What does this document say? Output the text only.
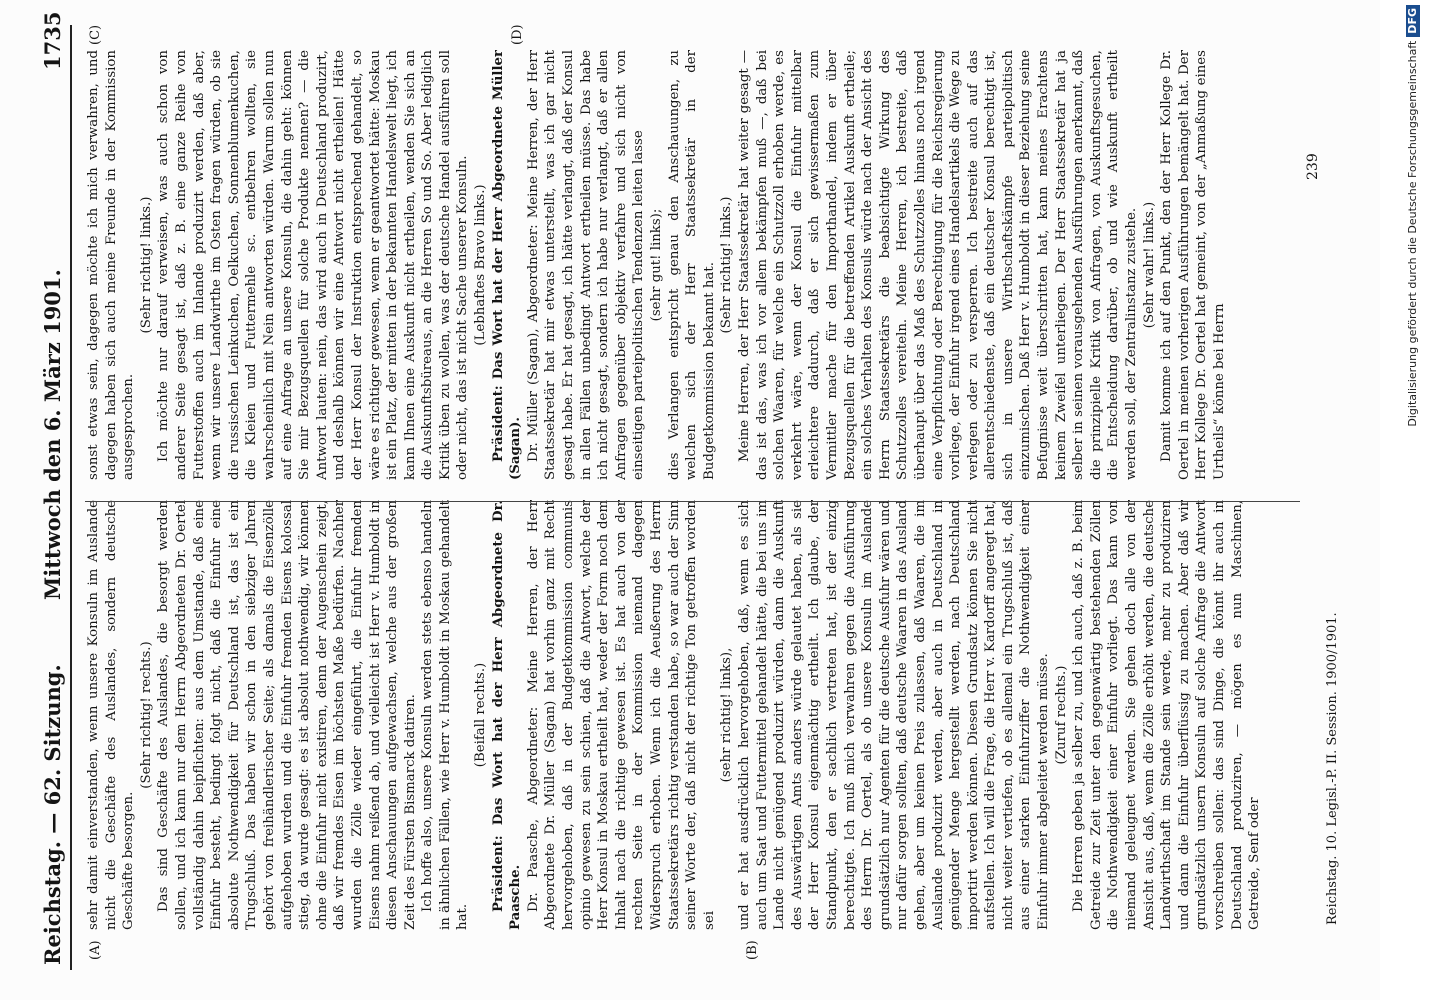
Reichstag. — 62. Sitzung.
Mittwoch den 6. März 1901.
1735
(A)	(B)
(C)	(D)

sehr damit einverstanden, wenn unsere Konsuln im Auslande nicht die Geschäfte des Auslandes, sondern deutsche Geschäfte besorgen.

(Sehr richtig! rechts.) Das sind Geschäfte des Auslandes, die besorgt werden sollen, und ich kann nur dem Herrn Abgeordneten Dr. Oertel vollständig dahin beipflichten: aus dem Umstande, daß eine Einfuhr besteht, bedingt folgt nicht, daß die Einfuhr eine absolute Nothwendigkeit für Deutschland ist, das ist ein Trugschluß. Das haben wir schon in den siebziger Jahren gehört von freihändlerischer Seite; als damals die Eisenzölle aufgehoben wurden und die Einfuhr fremden Eisens kolossal stieg, da wurde gesagt: es ist absolut nothwendig, wir können ohne die Einfuhr nicht existiren, denn der Augenschein zeigt, daß wir fremdes Eisen im höchsten Maße bedürfen. Nachher wurden die Zölle wieder eingeführt, die Einfuhr fremden Eisens nahm reißend ab, und vielleicht ist Herr v. Humboldt in diesen Anschauungen aufgewachsen, welche aus der großen Zeit des Fürsten Bismarck datiren. Ich hoffe also, unsere Konsuln werden stets ebenso handeln in ähnlichen Fällen, wie Herr v. Humboldt in Moskau gehandelt hat.

(Beifall rechts.) Präsident: Das Wort hat der Herr Abgeordnete Dr. Paasche. Dr. Paasche, Abgeordneter: Meine Herren, der Herr Abgeordnete Dr. Müller (Sagan) hat vorhin ganz mit Recht hervorgehoben, daß in der Budgetkommission communis opinio gewesen zu sein schien, daß die Antwort, welche der Herr Konsul in Moskau ertheilt hat, weder der Form noch dem Inhalt nach die richtige gewesen ist. Es hat auch von der rechten Seite in der Kommission niemand dagegen Widerspruch erhoben. Wenn ich die Aeußerung des Herrn Staatssekretärs richtig verstanden habe, so war auch der Sinn seiner Worte der, daß nicht der richtige Ton getroffen worden sei

(sehr richtig! links), und er hat ausdrücklich hervorgehoben, daß, wenn es sich auch um Saat und Futtermittel gehandelt hätte, die bei uns im Lande nicht genügend produzirt würden, dann die Auskunft des Auswärtigen Amts anders würde gelautet haben, als sie der Herr Konsul eigenmächtig ertheilt. Ich glaube, der Standpunkt, den er sachlich vertreten hat, ist der einzig berechtigte. Ich muß mich verwahren gegen die Ausführung des Herrn Dr. Oertel, als ob unsere Konsuln im Auslande grundsätzlich nur Agenten für die deutsche Ausfuhr wären und nur dafür sorgen sollten, daß deutsche Waaren in das Ausland gehen, aber um keinen Preis zulassen, daß Waaren, die im Auslande produzirt werden, aber auch in Deutschland in genügender Menge hergestellt werden, nach Deutschland importirt werden können. Diesen Grundsatz können Sie nicht aufstellen. Ich will die Frage, die Herr v. Kardorff angeregt hat, nicht weiter vertiefen, ob es allemal ein Trugschluß ist, daß aus einer starken Einfuhrziffer die Nothwendigkeit einer Einfuhr immer abgeleitet werden müsse. (Zuruf rechts.) Die Herren geben ja selber zu, und ich auch, daß z. B. beim Getreide zur Zeit unter den gegenwärtig bestehenden Zöllen die Nothwendigkeit einer Einfuhr vorliegt. Das kann von niemand geleugnet werden. Sie gehen doch alle von der Ansicht aus, daß, wenn die Zölle erhöht werden, die deutsche Landwirthschaft im Stande sein werde, mehr zu produziren und dann die Einfuhr überflüssig zu machen. Aber daß wir grundsätzlich unsern Konsuln auf solche Anfrage die Antwort vorschreiben sollen: das sind Dinge, die könnt ihr auch in Deutschland produziren, — mögen es nun Maschinen, Getreide, Senf oder

sonst etwas sein, dagegen möchte ich mich verwahren, und dagegen haben sich auch meine Freunde in der Kommission ausgesprochen.

(Sehr richtig! links.) Ich möchte nur darauf verweisen, was auch schon von anderer Seite gesagt ist, daß z. B. eine ganze Reihe von Futterstoffen auch im Inlande produzirt werden, daß aber, wenn wir unsere Landwirthe im Osten fragen würden, ob sie die russischen Leinkuchen, Oelkuchen, Sonnenblumenkuchen, die Kleien und Futtermehle sc. entbehren wollten, sie wahrscheinlich mit Nein antworten würden. Warum sollen nun auf eine Anfrage an unsere Konsuln, die dahin geht: können Sie mir Bezugsquellen für solche Produkte nennen? — die Antwort lauten: nein, das wird auch in Deutschland produzirt, und deshalb können wir eine Antwort nicht ertheilen! Hätte der Herr Konsul der Instruktion entsprechend gehandelt, so wäre es richtiger gewesen, wenn er geantwortet hätte: Moskau ist ein Platz, der mitten in der bekannten Handelswelt liegt, ich kann Ihnen eine Auskunft nicht ertheilen, wenden Sie sich an die Auskunftsbüreaus, an die Herren So und So. Aber lediglich Kritik üben zu wollen, was der deutsche Handel ausführen soll oder nicht, das ist nicht Sache unserer Konsuln. (Lebhaftes Bravo links.) Präsident: Das Wort hat der Herr Abgeordnete Müller (Sagan). Dr. Müller (Sagan), Abgeordneter: Meine Herren, der Herr Staatssekretär hat mir etwas unterstellt, was ich gar nicht gesagt habe. Er hat gesagt, ich hätte verlangt, daß der Konsul in allen Fällen unbedingt Antwort ertheilen müsse. Das habe ich nicht gesagt, sondern ich habe nur verlangt, daß er allen Anfragen gegenüber objektiv verfahre und sich nicht von einseitigen parteipolitischen Tendenzen leiten lasse (sehr gut! links); dies Verlangen entspricht genau den Anschauungen, zu welchen sich der Herr Staatssekretär in der Budgetkommission bekannt hat. (Sehr richtig! links.) Meine Herren, der Herr Staatssekretär hat weiter gesagt — das ist das, was ich vor allem bekämpfen muß —, daß bei solchen Waaren, für welche ein Schutzzoll erhoben werde, es verkehrt wäre, wenn der Konsul die Einfuhr mittelbar erleichtere dadurch, daß er sich gewissermaßen zum Vermittler mache für den Importhandel, indem er über Bezugsquellen für die betreffenden Artikel Auskunft ertheile; ein solches Verhalten des Konsuls würde nach der Ansicht des Herrn Staatssekretärs die beabsichtigte Wirkung des Schutzzolles vereiteln. Meine Herren, ich bestreite, daß überhaupt über das Maß des Schutzzolles hinaus noch irgend eine Verpflichtung oder Berechtigung für die Reichsregierung vorliege, der Einfuhr irgend eines Handelsartikels die Wege zu verlegen oder zu versperren. Ich bestreite auch auf das allerentschiedenste, daß ein deutscher Konsul berechtigt ist, sich in unsere Wirthschaftskämpfe parteipolitisch einzumischen. Daß Herr v. Humboldt in dieser Beziehung seine Befugnisse weit überschritten hat, kann meines Erachtens keinem Zweifel unterliegen. Der Herr Staatssekretär hat ja selber in seinen vorausgehenden Ausführungen anerkannt, daß die prinzipielle Kritik von Anfragen, von Auskunftsgesuchen, die Entscheidung darüber, ob und wie Auskunft ertheilt werden soll, der Zentralinstanz zustehe. (Sehr wahr! links.) Damit komme ich auf den Punkt, den der Herr Kollege Dr. Oertel in meinen vorherigen Ausführungen bemängelt hat. Der Herr Kollege Dr. Oertel hat gemeint, von der „Anmaßung eines Urtheils“ könne bei Herrn

Reichstag. 10. Legisl.-P. II. Session. 1900/1901.
239	Digitalisierung gefördert durch die Deutsche ForschungsgemeinschaftDFG
